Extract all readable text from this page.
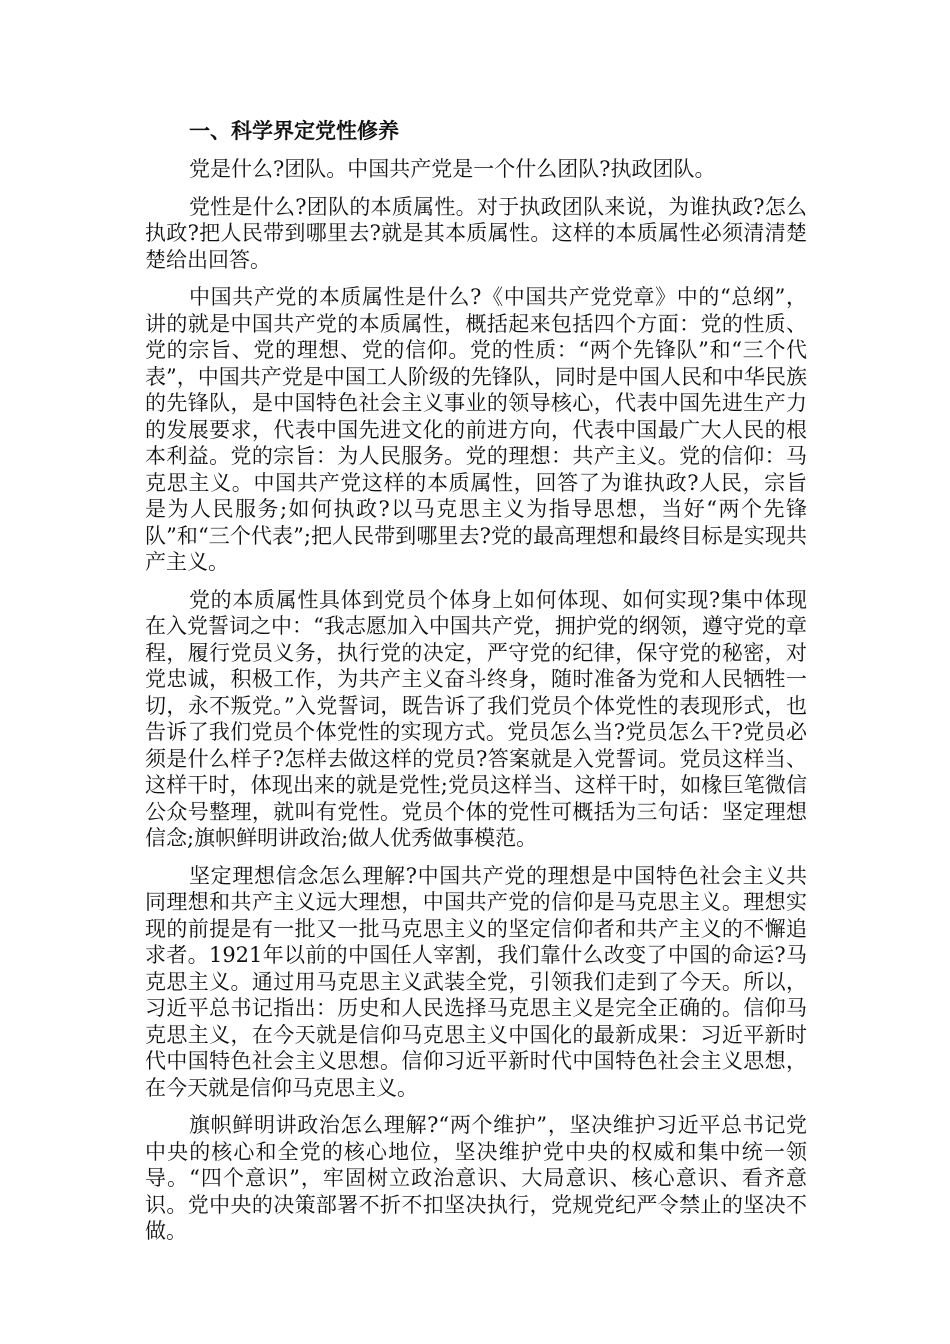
一、科学界定党性修养

党是什么?团队。中国共产党是一个什么团队?执政团队。

党性是什么?团队的本质属性。对于执政团队来说，为谁执政?怎么执政?把人民带到哪里去?就是其本质属性。这样的本质属性必须清清楚楚给出回答。

中国共产党的本质属性是什么?《中国共产党党章》中的“总纲”，讲的就是中国共产党的本质属性，概括起来包括四个方面：党的性质、党的宗旨、党的理想、党的信仰。党的性质：“两个先锋队”和“三个代表”，中国共产党是中国工人阶级的先锋队，同时是中国人民和中华民族的先锋队，是中国特色社会主义事业的领导核心，代表中国先进生产力的发展要求，代表中国先进文化的前进方向，代表中国最广大人民的根本利益。党的宗旨：为人民服务。党的理想：共产主义。党的信仰：马克思主义。中国共产党这样的本质属性，回答了为谁执政?人民，宗旨是为人民服务;如何执政?以马克思主义为指导思想，当好“两个先锋队”和“三个代表”;把人民带到哪里去?党的最高理想和最终目标是实现共产主义。

党的本质属性具体到党员个体身上如何体现、如何实现?集中体现在入党誓词之中：“我志愿加入中国共产党，拥护党的纲领，遵守党的章程，履行党员义务，执行党的决定，严守党的纪律，保守党的秘密，对党忠诚，积极工作，为共产主义奋斗终身，随时准备为党和人民牺牲一切，永不叛党。”入党誓词，既告诉了我们党员个体党性的表现形式，也告诉了我们党员个体党性的实现方式。党员怎么当?党员怎么干?党员必须是什么样子?怎样去做这样的党员?答案就是入党誓词。党员这样当、这样干时，体现出来的就是党性;党员这样当、这样干时，如椽巨笔微信公众号整理，就叫有党性。党员个体的党性可概括为三句话：坚定理想信念;旗帜鲜明讲政治;做人优秀做事模范。

坚定理想信念怎么理解?中国共产党的理想是中国特色社会主义共同理想和共产主义远大理想，中国共产党的信仰是马克思主义。理想实现的前提是有一批又一批马克思主义的坚定信仰者和共产主义的不懈追求者。1921年以前的中国任人宰割，我们靠什么改变了中国的命运?马克思主义。通过用马克思主义武装全党，引领我们走到了今天。所以，习近平总书记指出：历史和人民选择马克思主义是完全正确的。信仰马克思主义，在今天就是信仰马克思主义中国化的最新成果：习近平新时代中国特色社会主义思想。信仰习近平新时代中国特色社会主义思想，在今天就是信仰马克思主义。

旗帜鲜明讲政治怎么理解?“两个维护”，坚决维护习近平总书记党中央的核心和全党的核心地位，坚决维护党中央的权威和集中统一领导。“四个意识”，牢固树立政治意识、大局意识、核心意识、看齐意识。党中央的决策部署不折不扣坚决执行，党规党纪严令禁止的坚决不做。
